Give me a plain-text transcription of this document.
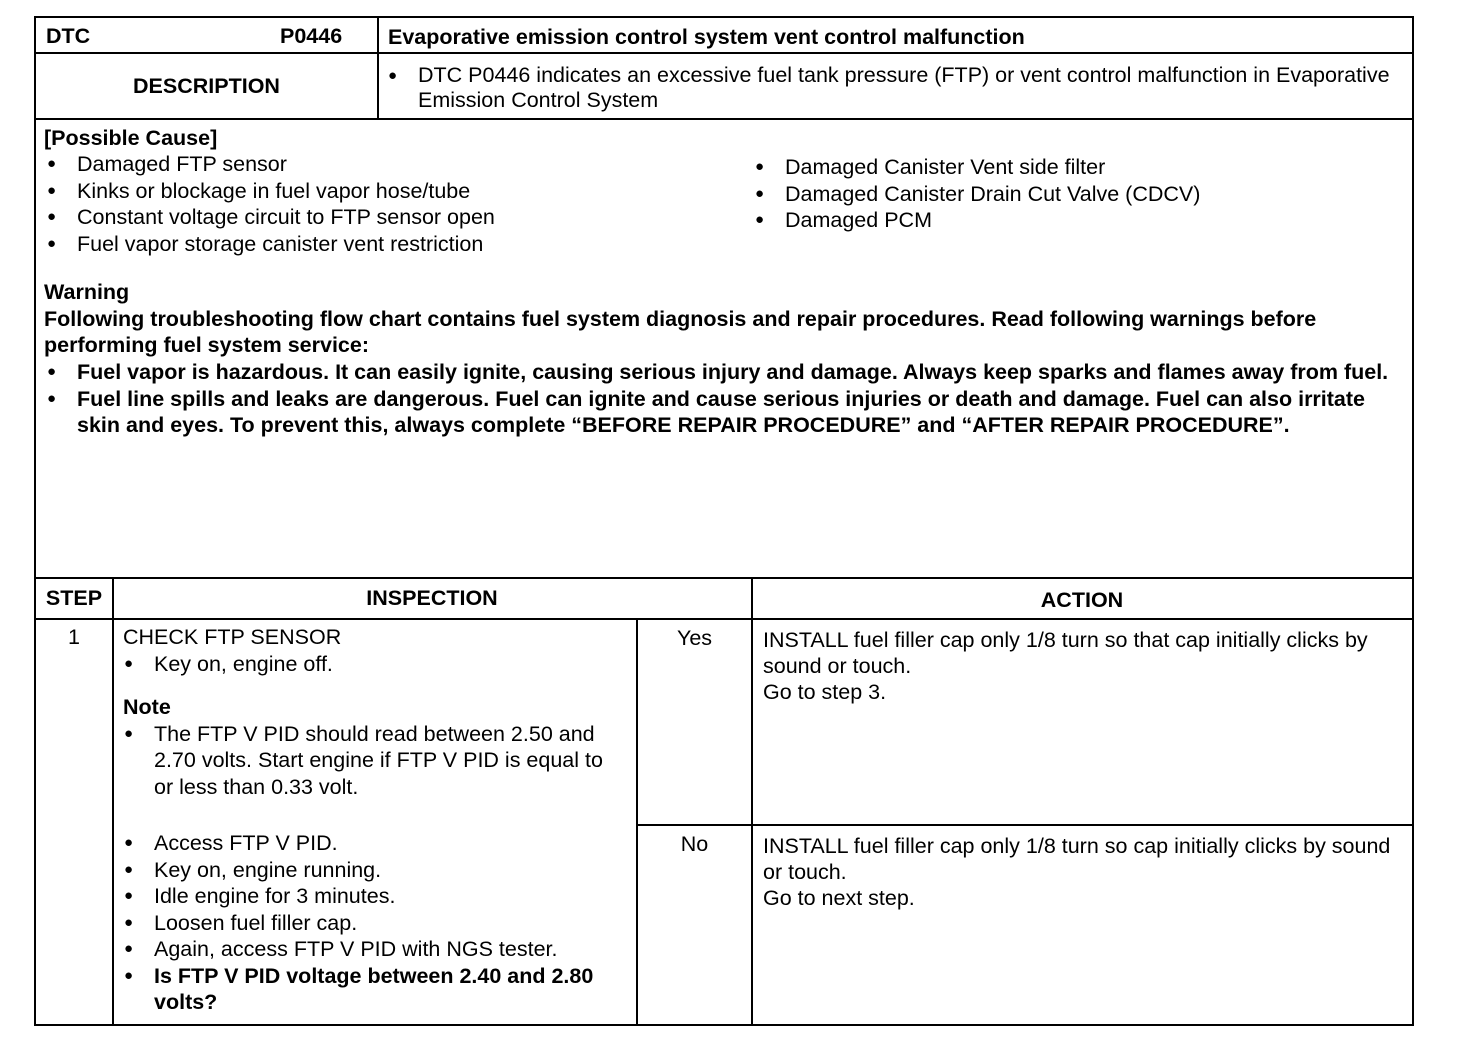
DTC	P0446 Evaporative emission control system vent control malfunction
DESCRIPTION
●	DTC P0446 indicates an excessive fuel tank pressure (FTP) or vent control malfunction in Evaporative Emission Control System
[Possible Cause]
● Damaged FTP sensor
● Kinks or blockage in fuel vapor hose/tube
● Constant voltage circuit to FTP sensor open
● Fuel vapor storage canister vent restriction
● Damaged Canister Vent side filter
● Damaged Canister Drain Cut Valve (CDCV)
● Damaged PCM
Warning
Following troubleshooting flow chart contains fuel system diagnosis and repair procedures. Read following warnings before performing fuel system service:
● Fuel vapor is hazardous. It can easily ignite, causing serious injury and damage. Always keep sparks and flames away from fuel.
● Fuel line spills and leaks are dangerous. Fuel can ignite and cause serious injuries or death and damage. Fuel can also irritate skin and eyes. To prevent this, always complete “BEFORE REPAIR PROCEDURE” and “AFTER REPAIR PROCEDURE”.
STEP	INSPECTION	ACTION
1	CHECK FTP SENSOR
● Key on, engine off.
Note
● The FTP V PID should read between 2.50 and 2.70 volts. Start engine if FTP V PID is equal to or less than 0.33 volt.
● Access FTP V PID.
● Key on, engine running.
● Idle engine for 3 minutes.
● Loosen fuel filler cap.
● Again, access FTP V PID with NGS tester.
● Is FTP V PID voltage between 2.40 and 2.80 volts?
Yes
No
INSTALL fuel filler cap only 1/8 turn so that cap initially clicks by sound or touch.
Go to step 3.
INSTALL fuel filler cap only 1/8 turn so cap initially clicks by sound or touch.
Go to next step.
